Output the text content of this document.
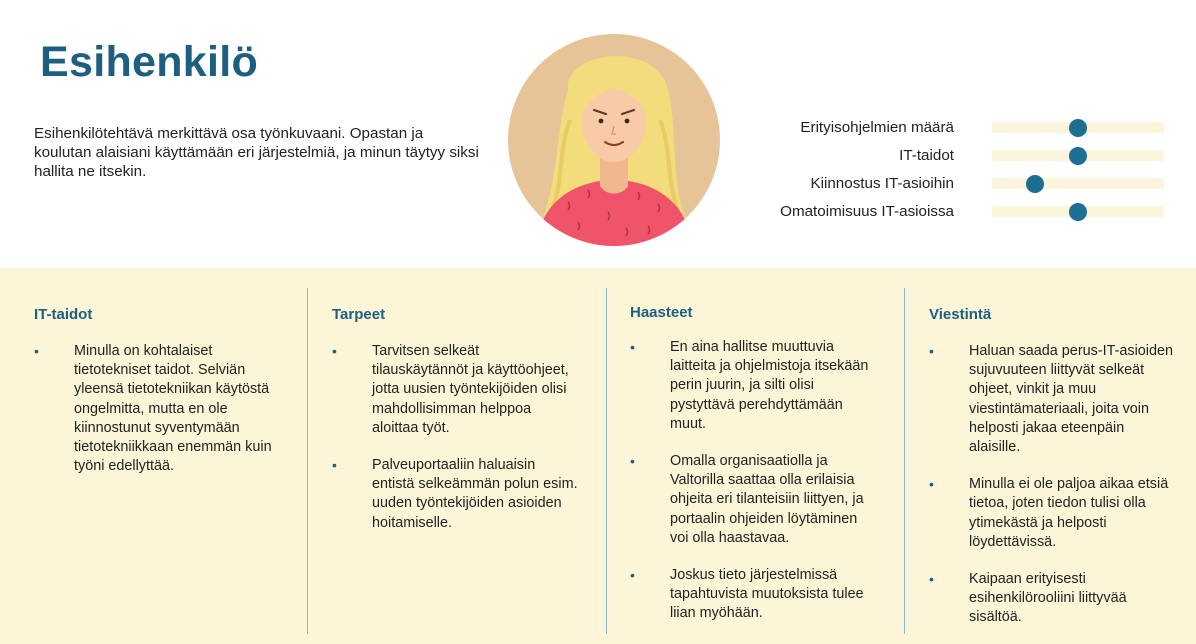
Esihenkilö
Esihenkilötehtävä merkittävä osa työnkuvaani. Opastan ja koulutan alaisiani käyttämään eri järjestelmiä, ja minun täytyy siksi hallita ne itsekin.
Erityisohjelmien määrä
IT-taidot
Kiinnostus IT-asioihin
Omatoimisuus IT-asioissa
IT-taidot
• Minulla on kohtalaiset tietotekniset taidot. Selviän yleensä tietotekniikan käytöstä ongelmitta, mutta en ole kiinnostunut syventymään tietotekniikkaan enemmän kuin työni edellyttää.
Tarpeet
• Tarvitsen selkeät tilauskäytännöt ja käyttöohjeet, jotta uusien työntekijöiden olisi mahdollisimman helppoa aloittaa työt.
• Palveuportaaliin haluaisin entistä selkeämmän polun esim. uuden työntekijöiden asioiden hoitamiselle.
Haasteet
• En aina hallitse muuttuvia laitteita ja ohjelmistoja itsekään perin juurin, ja silti olisi pystyttävä perehdyttämään muut.
• Omalla organisaatiolla ja Valtorilla saattaa olla erilaisia ohjeita eri tilanteisiin liittyen, ja portaalin ohjeiden löytäminen voi olla haastavaa.
• Joskus tieto järjestelmissä tapahtuvista muutoksista tulee liian myöhään.
Viestintä
• Haluan saada perus-IT-asioiden sujuvuuteen liittyvät selkeät ohjeet, vinkit ja muu viestintämateriaali, joita voin helposti jakaa eteenpäin alaisille.
• Minulla ei ole paljoa aikaa etsiä tietoa, joten tiedon tulisi olla ytimekästä ja helposti löydettävissä.
• Kaipaan erityisesti esihenkilörooliini liittyvää sisältöä.
